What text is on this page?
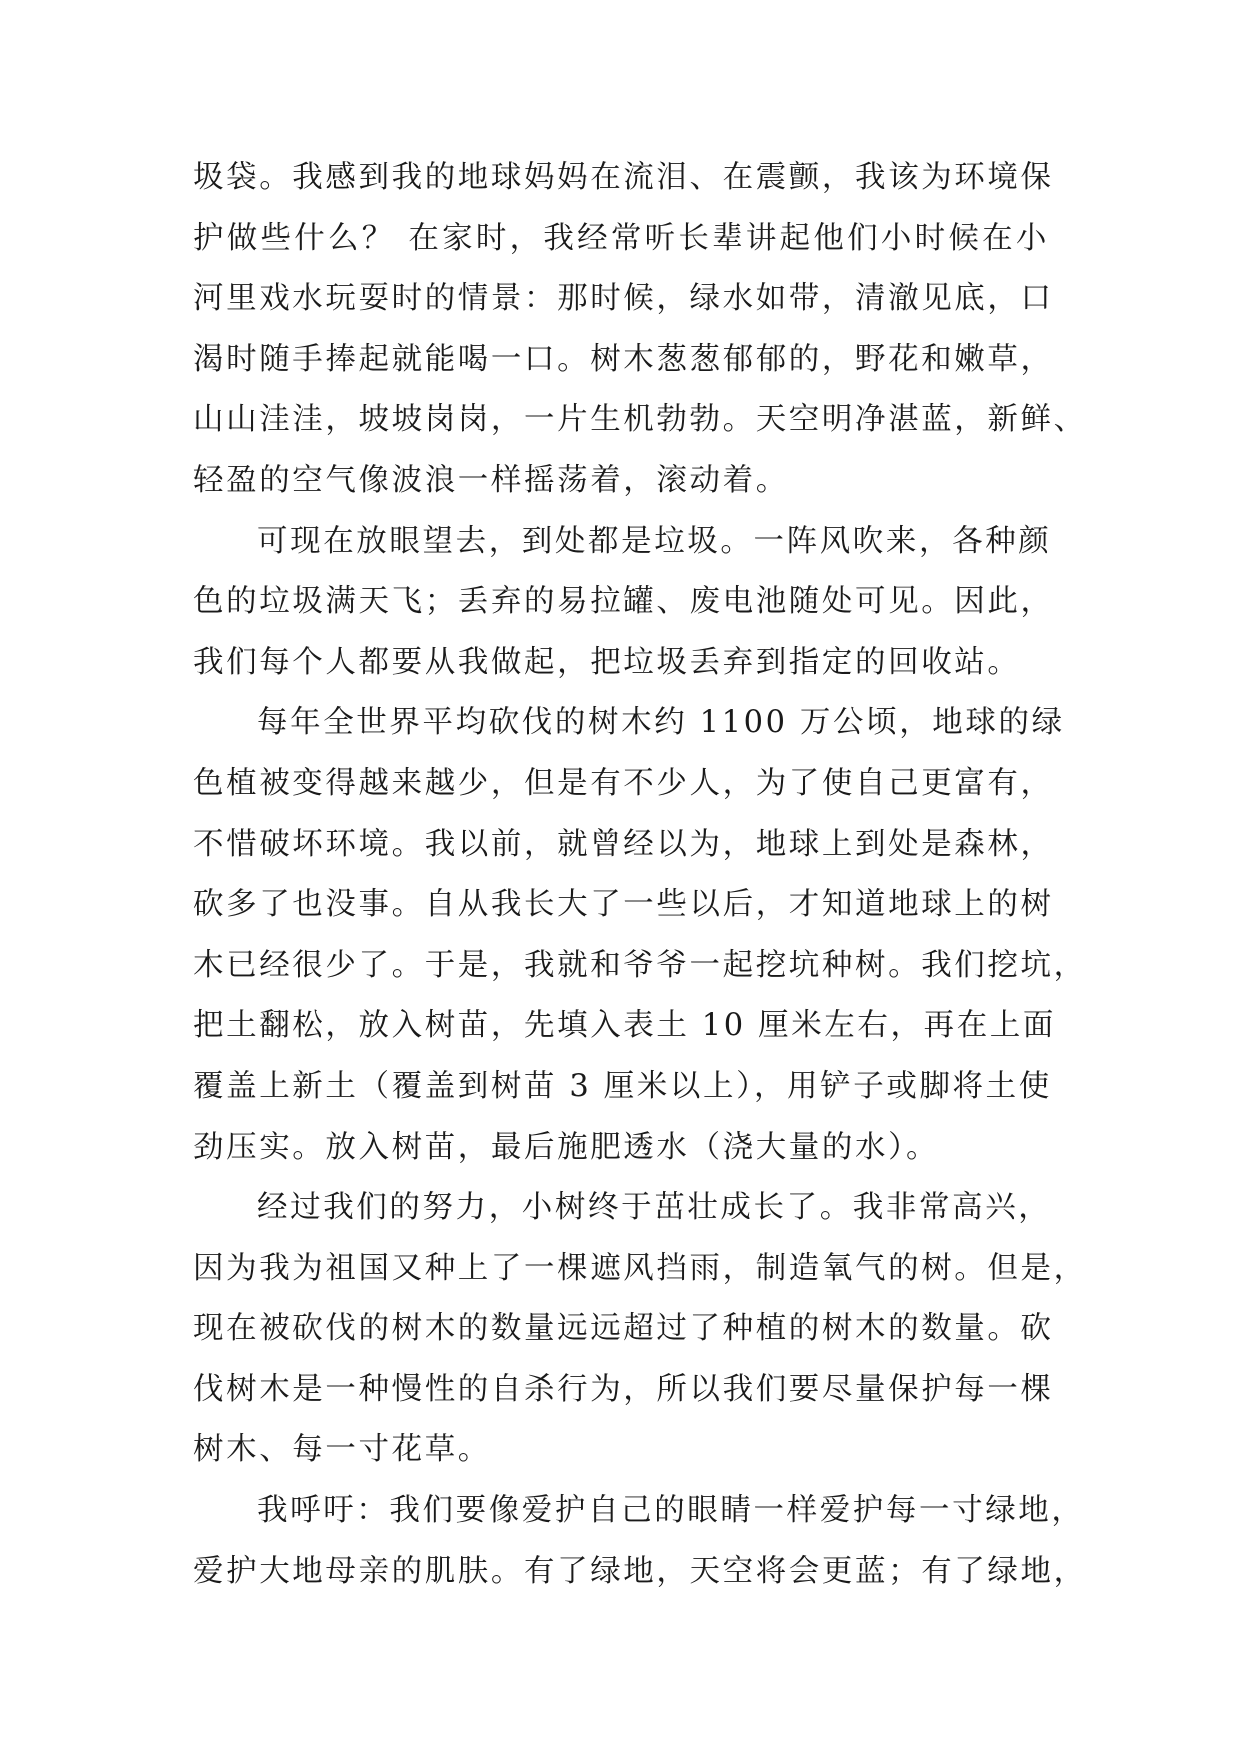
圾袋。我感到我的地球妈妈在流泪、在震颤，我该为环境保
护做些什么？ 在家时，我经常听长辈讲起他们小时候在小
河里戏水玩耍时的情景：那时候，绿水如带，清澈见底，口
渴时随手捧起就能喝一口。树木葱葱郁郁的，野花和嫩草，
山山洼洼，坡坡岗岗，一片生机勃勃。天空明净湛蓝，新鲜、
轻盈的空气像波浪一样摇荡着，滚动着。
可现在放眼望去，到处都是垃圾。一阵风吹来，各种颜
色的垃圾满天飞；丢弃的易拉罐、废电池随处可见。因此，
我们每个人都要从我做起，把垃圾丢弃到指定的回收站。
每年全世界平均砍伐的树木约 1100 万公顷，地球的绿
色植被变得越来越少，但是有不少人，为了使自己更富有，
不惜破坏环境。我以前，就曾经以为，地球上到处是森林，
砍多了也没事。自从我长大了一些以后，才知道地球上的树
木已经很少了。于是，我就和爷爷一起挖坑种树。我们挖坑，
把土翻松，放入树苗，先填入表土 10 厘米左右，再在上面
覆盖上新土（覆盖到树苗 3 厘米以上），用铲子或脚将土使
劲压实。放入树苗，最后施肥透水（浇大量的水）。
经过我们的努力，小树终于茁壮成长了。我非常高兴，
因为我为祖国又种上了一棵遮风挡雨，制造氧气的树。但是，
现在被砍伐的树木的数量远远超过了种植的树木的数量。砍
伐树木是一种慢性的自杀行为，所以我们要尽量保护每一棵
树木、每一寸花草。
我呼吁：我们要像爱护自己的眼睛一样爱护每一寸绿地，
爱护大地母亲的肌肤。有了绿地，天空将会更蓝；有了绿地，
